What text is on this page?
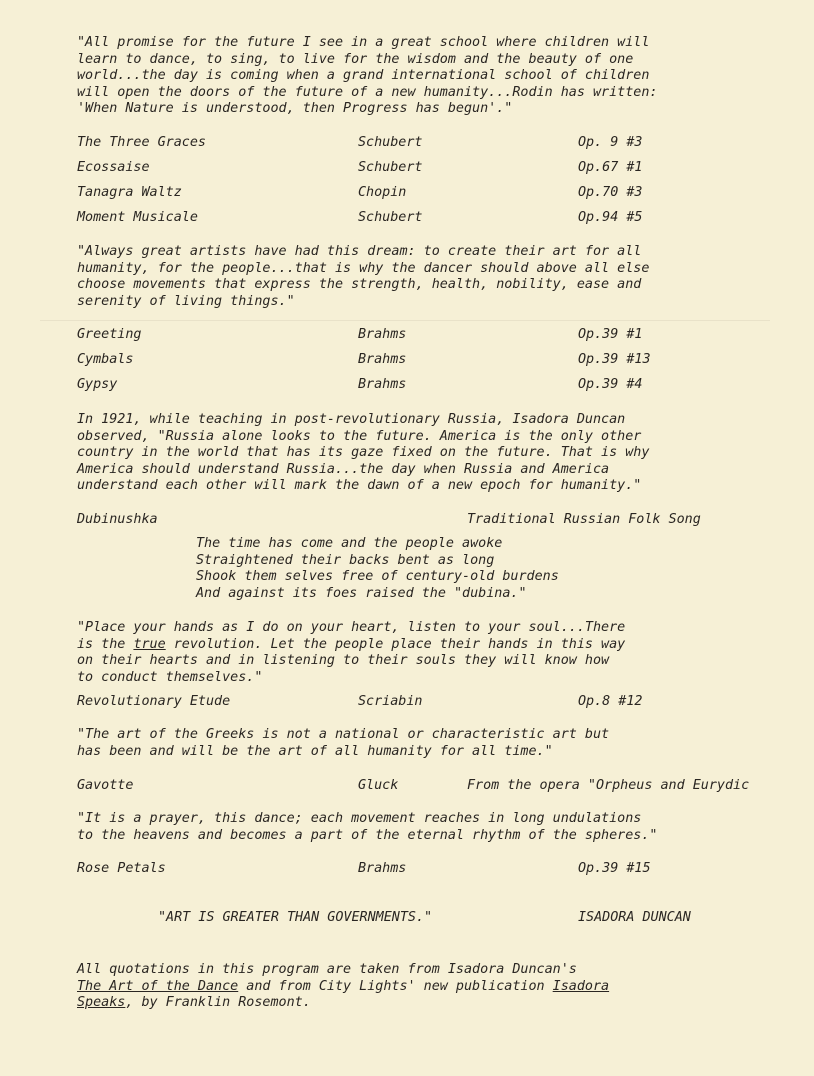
"All promise for the future I see in a great school where children will
learn to dance, to sing, to live for the wisdom and the beauty of one
world...the day is coming when a grand international school of children
will open the doors of the future of a new humanity...Rodin has written:
'When Nature is understood, then Progress has begun'."
The Three Graces	Schubert	Op. 9 #3
Ecossaise	Schubert	Op.67 #1
Tanagra Waltz	Chopin	Op.70 #3
Moment Musicale	Schubert	Op.94 #5
"Always great artists have had this dream: to create their art for all
humanity, for the people...that is why the dancer should above all else
choose movements that express the strength, health, nobility, ease and
serenity of living things."
Greeting	Brahms	Op.39 #1
Cymbals	Brahms	Op.39 #13
Gypsy	Brahms	Op.39 #4
In 1921, while teaching in post-revolutionary Russia, Isadora Duncan
observed, "Russia alone looks to the future. America is the only other
country in the world that has its gaze fixed on the future. That is why
America should understand Russia...the day when Russia and America
understand each other will mark the dawn of a new epoch for humanity."
Dubinushka	Traditional Russian Folk Song
The time has come and the people awoke
Straightened their backs bent as long
Shook them selves free of century-old burdens
And against its foes raised the "dubina."
"Place your hands as I do on your heart, listen to your soul...There
is the true revolution. Let the people place their hands in this way
on their hearts and in listening to their souls they will know how
to conduct themselves."
Revolutionary Etude	Scriabin	Op.8 #12
"The art of the Greeks is not a national or characteristic art but
has been and will be the art of all humanity for all time."
Gavotte	Gluck	From the opera "Orpheus and Eurydic
"It is a prayer, this dance; each movement reaches in long undulations
to the heavens and becomes a part of the eternal rhythm of the spheres."
Rose Petals	Brahms	Op.39 #15
"ART IS GREATER THAN GOVERNMENTS."	ISADORA DUNCAN
All quotations in this program are taken from Isadora Duncan's
The Art of the Dance and from City Lights' new publication Isadora
Speaks, by Franklin Rosemont.
